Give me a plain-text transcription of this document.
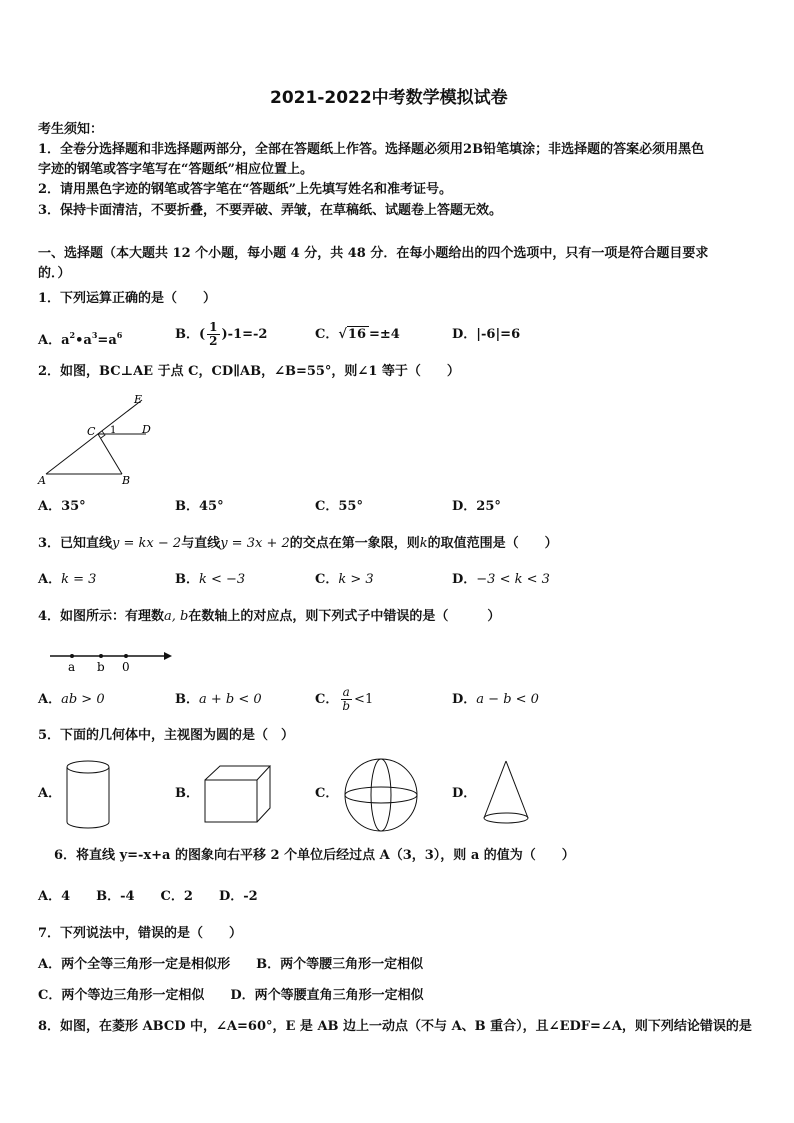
2021-2022中考数学模拟试卷
考生须知：
1．全卷分选择题和非选择题两部分，全部在答题纸上作答。选择题必须用2B铅笔填涂；非选择题的答案必须用黑色
字迹的钢笔或答字笔写在“答题纸”相应位置上。
2．请用黑色字迹的钢笔或答字笔在“答题纸”上先填写姓名和准考证号。
3．保持卡面清洁，不要折叠，不要弄破、弄皱，在草稿纸、试题卷上答题无效。
一、选择题（本大题共 12 个小题，每小题 4 分，共 48 分．在每小题给出的四个选项中，只有一项是符合题目要求
的．）
1．下列运算正确的是（　　）
A．$a^2•a^3=a^6$	B．( $\frac{1}{2} )-1=-2$	C．√16 =±4	D．|-6|=6
2．如图，BC⊥AE 于点 C，CD∥AB，∠B=55°，则∠1 等于（　　）
E
C 1 D
A	B
A．35°	B．45°	C．55°	D．25°
3．已知直线y = kx − 2与直线y = 3x + 2的交点在第一象限，则k的取值范围是（　　）
A．k = 3	B．k < −3	C．k > 3	D．−3 < k < 3
4．如图所示：有理数a, b在数轴上的对应点，则下列式子中错误的是（　　　）
a b 0
A．ab > 0	B．a + b < 0	C． $\frac{a}{b} <1$	D．a − b < 0
5．下面的几何体中，主视图为圆的是（　）
A．	B．	C．	D．
6．将直线 y=-x+a 的图象向右平移 2 个单位后经过点 A（3，3），则 a 的值为（　　）
A．4　　B．-4　　C．2　　D．-2
7．下列说法中，错误的是（　　）
A．两个全等三角形一定是相似形　　B．两个等腰三角形一定相似
C．两个等边三角形一定相似　　D．两个等腰直角三角形一定相似
8．如图，在菱形 ABCD 中，∠A=60°，E 是 AB 边上一动点（不与 A、B 重合），且∠EDF=∠A，则下列结论错误的是
